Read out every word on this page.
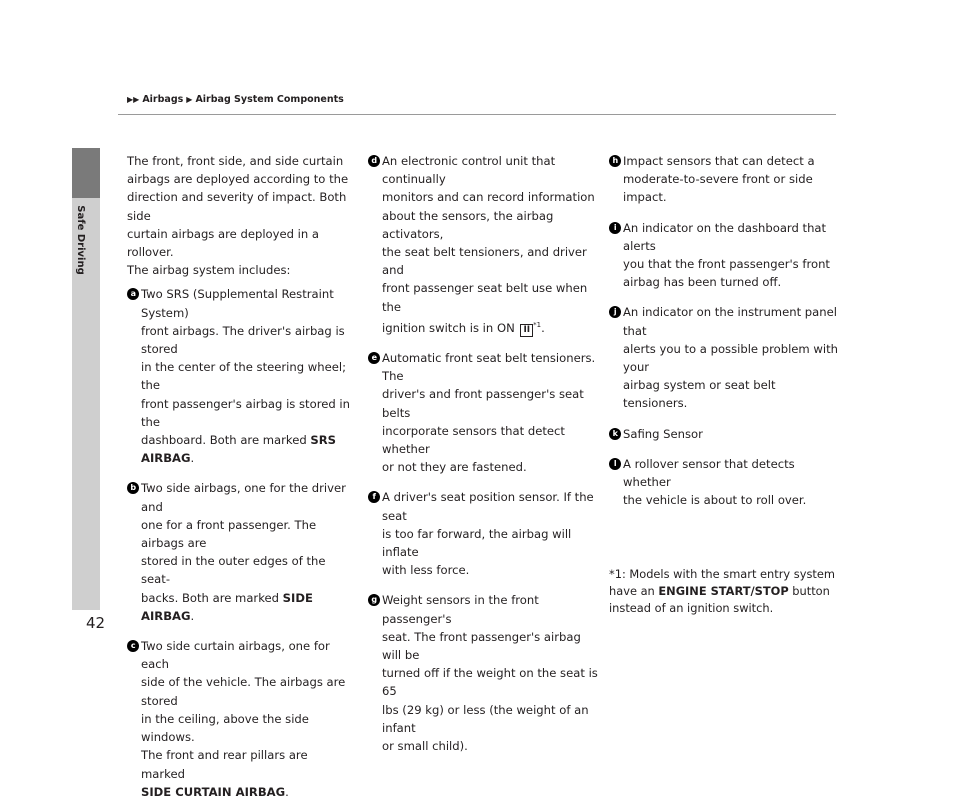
Safe Driving
▶▶ Airbags ▶ Airbag System Components

The front, front side, and side curtain
airbags are deployed according to the
direction and severity of impact. Both side
curtain airbags are deployed in a rollover.
The airbag system includes:

a Two SRS (Supplemental Restraint System)
front airbags. The driver's airbag is stored
in the center of the steering wheel; the
front passenger's airbag is stored in the
dashboard. Both are marked SRS
AIRBAG.

b Two side airbags, one for the driver and
one for a front passenger. The airbags are
stored in the outer edges of the seat-
backs. Both are marked SIDE AIRBAG.

c Two side curtain airbags, one for each
side of the vehicle. The airbags are stored
in the ceiling, above the side windows.
The front and rear pillars are marked
SIDE CURTAIN AIRBAG.

d An electronic control unit that continually
monitors and can record information
about the sensors, the airbag activators,
the seat belt tensioners, and driver and
front passenger seat belt use when the
ignition switch is in ON II $^{*1}$.

e Automatic front seat belt tensioners. The
driver's and front passenger's seat belts
incorporate sensors that detect whether
or not they are fastened.

f A driver's seat position sensor. If the seat
is too far forward, the airbag will inflate
with less force.

g Weight sensors in the front passenger's
seat. The front passenger's airbag will be
turned off if the weight on the seat is 65
lbs (29 kg) or less (the weight of an infant
or small child).

h Impact sensors that can detect a
moderate-to-severe front or side impact.

i An indicator on the dashboard that alerts
you that the front passenger's front
airbag has been turned off.

j An indicator on the instrument panel that
alerts you to a possible problem with your
airbag system or seat belt tensioners.

k Safing Sensor

l A rollover sensor that detects whether
the vehicle is about to roll over.

*1: Models with the smart entry system
have an ENGINE START/STOP button
instead of an ignition switch.
42
